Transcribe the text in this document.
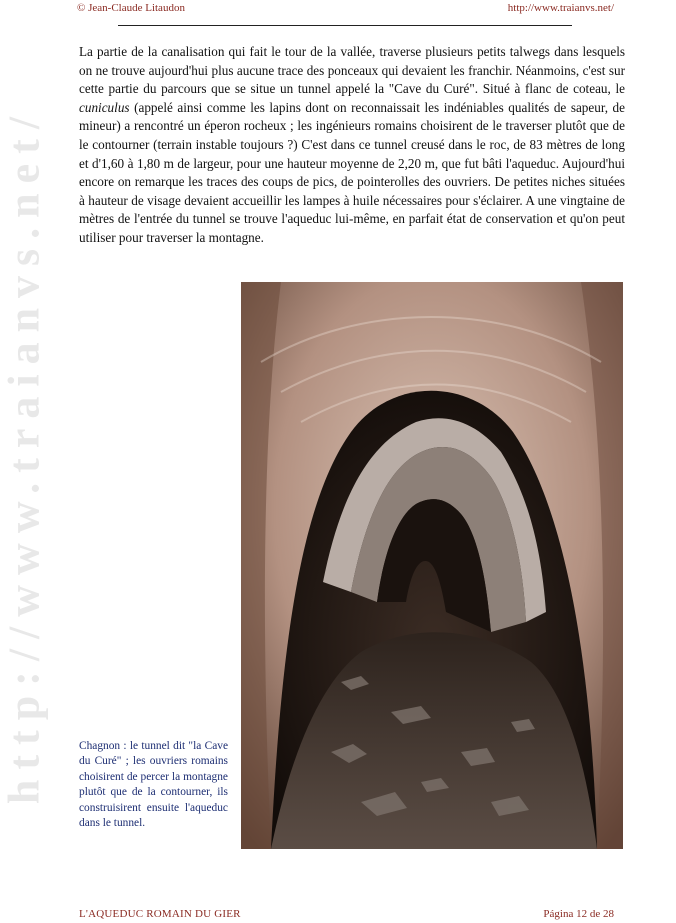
© Jean-Claude Litaudon	http://www.traianvs.net/
http://www.traianvs.net/

La partie de la canalisation qui fait le tour de la vallée, traverse plusieurs petits talwegs dans lesquels on ne trouve aujourd'hui plus aucune trace des ponceaux qui devaient les franchir. Néanmoins, c'est sur cette partie du parcours que se situe un tunnel appelé la "Cave du Curé". Situé à flanc de coteau, le cuniculus (appelé ainsi comme les lapins dont on reconnaissait les indéniables qualités de sapeur, de mineur) a rencontré un éperon rocheux ; les ingénieurs romains choisirent de le traverser plutôt que de le contourner (terrain instable toujours ?) C'est dans ce tunnel creusé dans le roc, de 83 mètres de long et d'1,60 à 1,80 m de largeur, pour une hauteur moyenne de 2,20 m, que fut bâti l'aqueduc. Aujourd'hui encore on remarque les traces des coups de pics, de pointerolles des ouvriers. De petites niches situées à hauteur de visage devaient accueillir les lampes à huile nécessaires pour s'éclairer. A une vingtaine de mètres de l'entrée du tunnel se trouve l'aqueduc lui-même, en parfait état de conservation et qu'on peut utiliser pour traverser la montagne.

Chagnon : le tunnel dit "la Cave du Curé" ; les ouvriers romains choisirent de percer la montagne plutôt que de la contourner, ils construisirent ensuite l'aqueduc dans le tunnel.

L'AQUEDUC ROMAIN DU GIER	Página 12 de 28
